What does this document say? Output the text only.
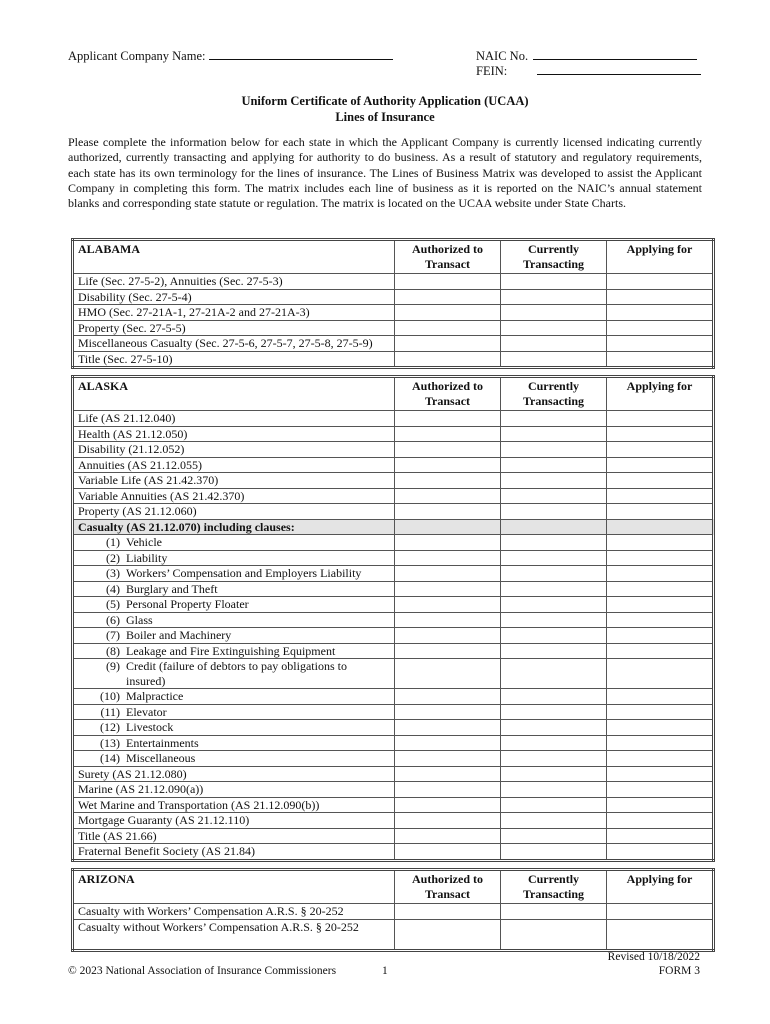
Applicant Company Name:	NAIC No.
FEIN:
Uniform Certificate of Authority Application (UCAA)
Lines of Insurance
Please complete the information below for each state in which the Applicant Company is currently licensed indicating currently authorized, currently transacting and applying for authority to do business. As a result of statutory and regulatory requirements, each state has its own terminology for the lines of insurance. The Lines of Business Matrix was developed to assist the Applicant Company in completing this form. The matrix includes each line of business as it is reported on the NAIC’s annual statement blanks and corresponding state statute or regulation. The matrix is located on the UCAA website under State Charts.
ALABAMA	Authorized to Transact	Currently Transacting	Applying for
Life (Sec. 27-5-2), Annuities (Sec. 27-5-3)			
Disability (Sec. 27-5-4)			
HMO (Sec. 27-21A-1, 27-21A-2 and 27-21A-3)			
Property (Sec. 27-5-5)			
Miscellaneous Casualty (Sec. 27-5-6, 27-5-7, 27-5-8, 27-5-9)			
Title (Sec. 27-5-10)			
ALASKA	Authorized to Transact	Currently Transacting	Applying for
Life (AS 21.12.040)			
Health (AS 21.12.050)			
Disability (21.12.052)			
Annuities (AS 21.12.055)			
Variable Life (AS 21.42.370)			
Variable Annuities (AS 21.42.370)			
Property (AS 21.12.060)			
Casualty (AS 21.12.070) including clauses:			
(1) Vehicle			
(2) Liability			
(3) Workers’ Compensation and Employers Liability			
(4) Burglary and Theft			
(5) Personal Property Floater			
(6) Glass			
(7) Boiler and Machinery			
(8) Leakage and Fire Extinguishing Equipment			
(9) Credit (failure of debtors to pay obligations to insured)			
(10) Malpractice			
(11) Elevator			
(12) Livestock			
(13) Entertainments			
(14) Miscellaneous			
Surety (AS 21.12.080)			
Marine (AS 21.12.090(a))			
Wet Marine and Transportation (AS 21.12.090(b))			
Mortgage Guaranty (AS 21.12.110)			
Title (AS 21.66)			
Fraternal Benefit Society (AS 21.84)			
ARIZONA	Authorized to Transact	Currently Transacting	Applying for
Casualty with Workers’ Compensation A.R.S. § 20-252			
Casualty without Workers’ Compensation A.R.S. § 20-252			
© 2023 National Association of Insurance Commissioners	1
Revised 10/18/2022
FORM 3
